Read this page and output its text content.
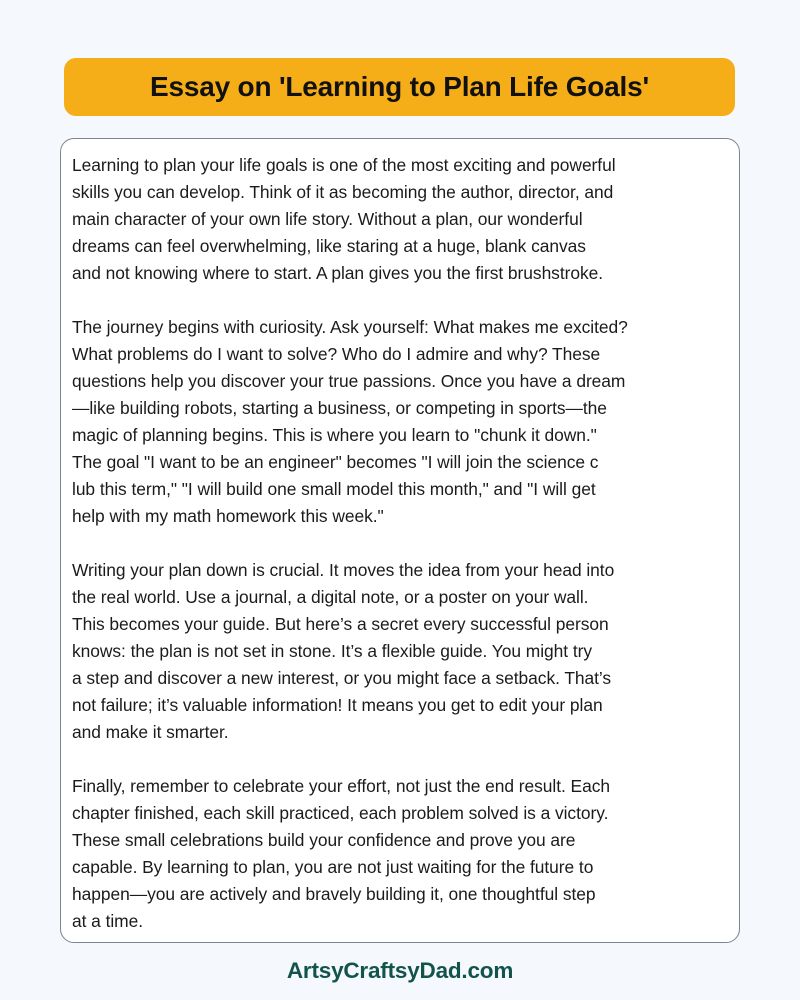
Essay on 'Learning to Plan Life Goals'

Learning to plan your life goals is one of the most exciting and powerful
skills you can develop. Think of it as becoming the author, director, and
main character of your own life story. Without a plan, our wonderful
dreams can feel overwhelming, like staring at a huge, blank canvas
and not knowing where to start. A plan gives you the first brushstroke.

The journey begins with curiosity. Ask yourself: What makes me excited?
What problems do I want to solve? Who do I admire and why? These
questions help you discover your true passions. Once you have a dream
—like building robots, starting a business, or competing in sports—the
magic of planning begins. This is where you learn to "chunk it down."
The goal "I want to be an engineer" becomes "I will join the science c
lub this term," "I will build one small model this month," and "I will get
help with my math homework this week."

Writing your plan down is crucial. It moves the idea from your head into
the real world. Use a journal, a digital note, or a poster on your wall.
This becomes your guide. But here’s a secret every successful person
knows: the plan is not set in stone. It’s a flexible guide. You might try
a step and discover a new interest, or you might face a setback. That’s
not failure; it’s valuable information! It means you get to edit your plan
and make it smarter.

Finally, remember to celebrate your effort, not just the end result. Each
chapter finished, each skill practiced, each problem solved is a victory.
These small celebrations build your confidence and prove you are
capable. By learning to plan, you are not just waiting for the future to
happen—you are actively and bravely building it, one thoughtful step
at a time.

ArtsyCraftsyDad.com
